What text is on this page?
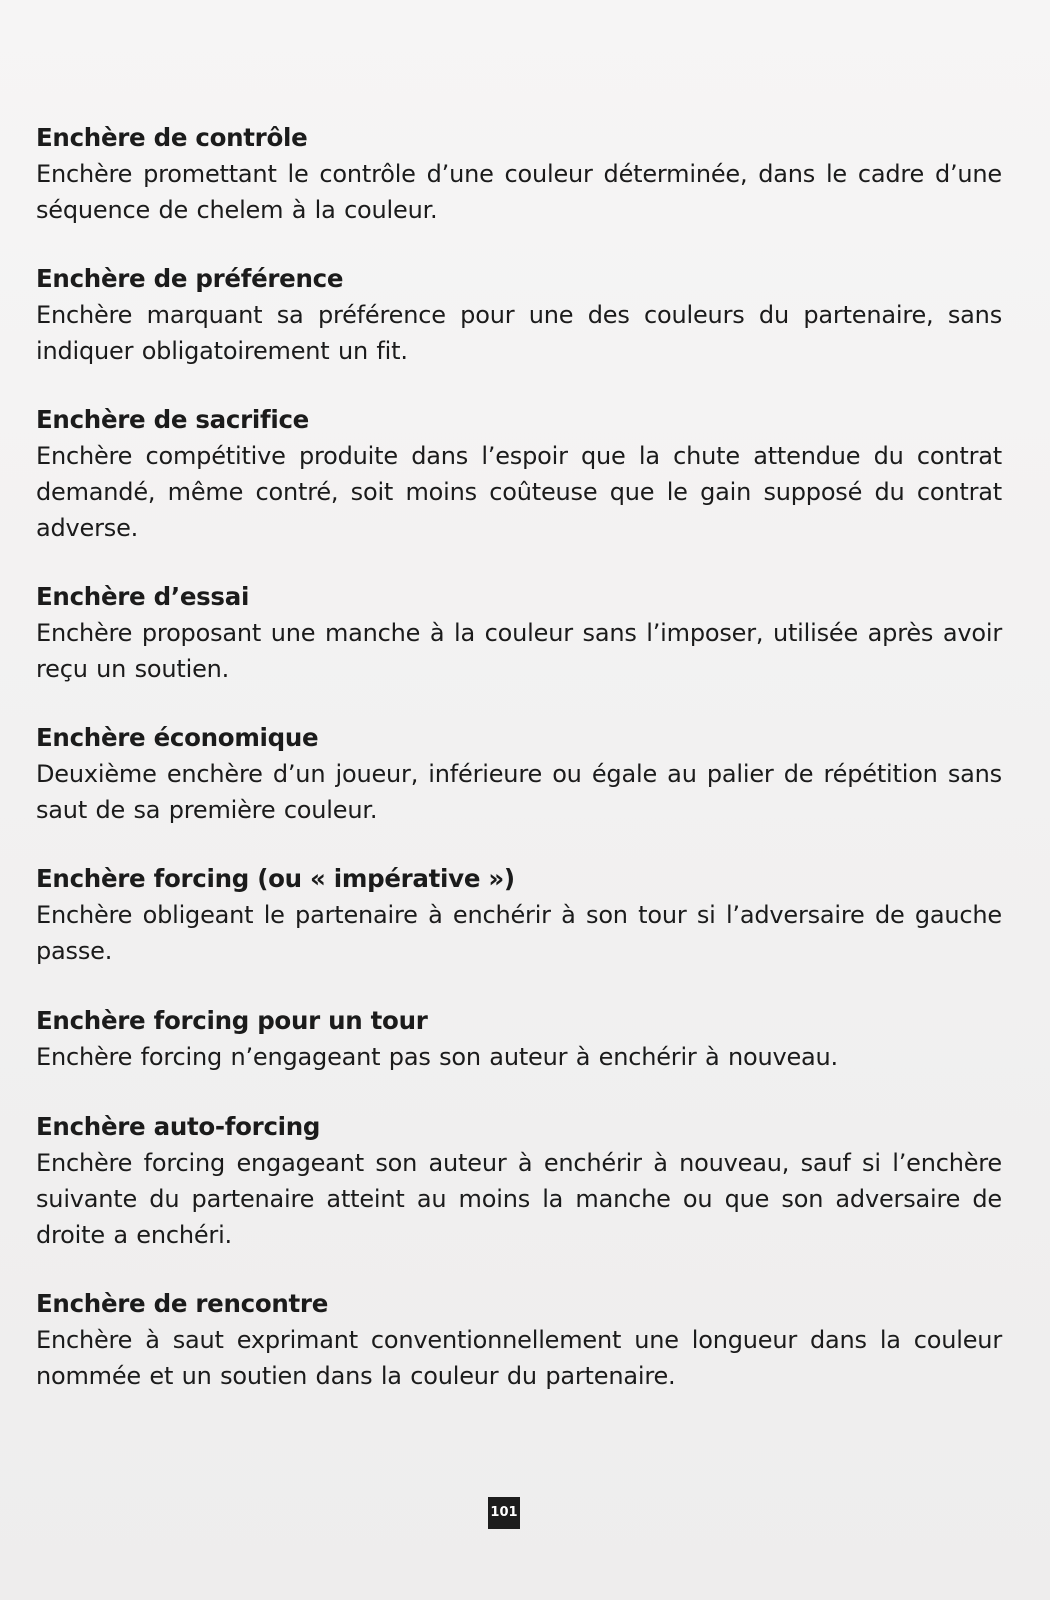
Enchère de contrôle
Enchère promettant le contrôle d’une couleur déterminée, dans le cadre d’une séquence de chelem à la couleur.
Enchère de préférence
Enchère marquant sa préférence pour une des couleurs du partenaire, sans indiquer obligatoirement un fit.
Enchère de sacrifice
Enchère compétitive produite dans l’espoir que la chute attendue du contrat demandé, même contré, soit moins coûteuse que le gain supposé du contrat adverse.
Enchère d’essai
Enchère proposant une manche à la couleur sans l’imposer, utilisée après avoir reçu un soutien.
Enchère économique
Deuxième enchère d’un joueur, inférieure ou égale au palier de répétition sans saut de sa première couleur.
Enchère forcing (ou « impérative »)
Enchère obligeant le partenaire à enchérir à son tour si l’adversaire de gauche passe.
Enchère forcing pour un tour
Enchère forcing n’engageant pas son auteur à enchérir à nouveau.
Enchère auto-forcing
Enchère forcing engageant son auteur à enchérir à nouveau, sauf si l’enchère suivante du partenaire atteint au moins la manche ou que son adversaire de droite a enchéri.
Enchère de rencontre
Enchère à saut exprimant conventionnellement une longueur dans la couleur nommée et un soutien dans la couleur du partenaire.
101
